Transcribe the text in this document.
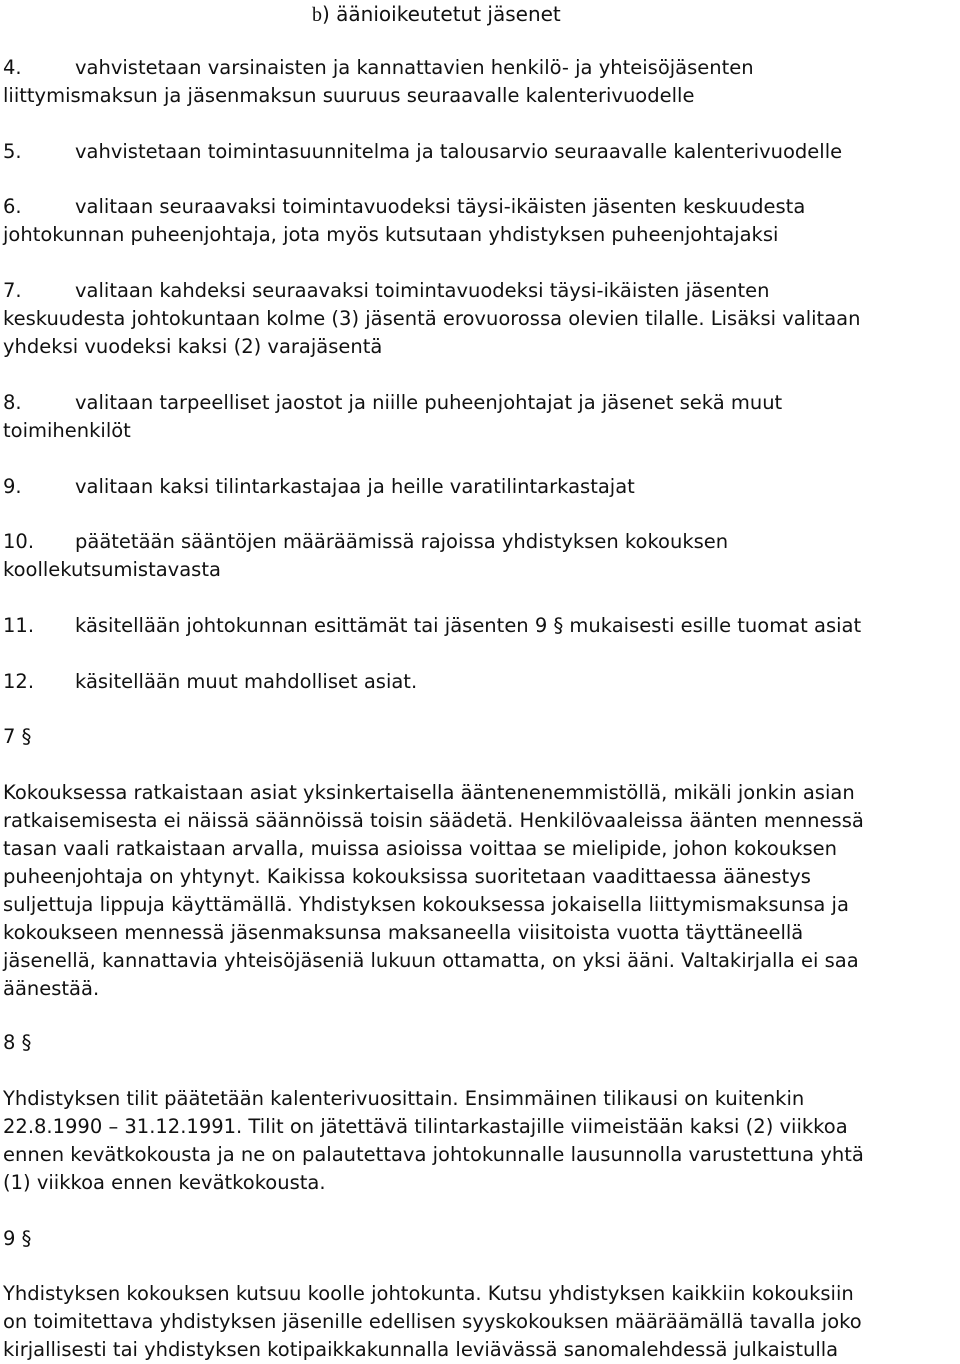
b) äänioikeutetut jäsenet
4.	vahvistetaan varsinaisten ja kannattavien henkilö- ja yhteisöjäsenten
liittymismaksun ja jäsenmaksun suuruus seuraavalle kalenterivuodelle
5.	vahvistetaan toimintasuunnitelma ja talousarvio seuraavalle kalenterivuodelle
6.	valitaan seuraavaksi toimintavuodeksi täysi-ikäisten jäsenten keskuudesta
johtokunnan puheenjohtaja, jota myös kutsutaan yhdistyksen puheenjohtajaksi
7.	valitaan kahdeksi seuraavaksi toimintavuodeksi täysi-ikäisten jäsenten
keskuudesta johtokuntaan kolme (3) jäsentä erovuorossa olevien tilalle. Lisäksi valitaan
yhdeksi vuodeksi kaksi (2) varajäsentä
8.	valitaan tarpeelliset jaostot ja niille puheenjohtajat ja jäsenet sekä muut
toimihenkilöt
9.	valitaan kaksi tilintarkastajaa ja heille varatilintarkastajat
10. päätetään sääntöjen määräämissä rajoissa yhdistyksen kokouksen
koollekutsumistavasta
11. käsitellään johtokunnan esittämät tai jäsenten 9 § mukaisesti esille tuomat asiat
12. käsitellään muut mahdolliset asiat.
7 §
Kokouksessa ratkaistaan asiat yksinkertaisella ääntenenemmistöllä, mikäli jonkin asian
ratkaisemisesta ei näissä säännöissä toisin säädetä. Henkilövaaleissa äänten mennessä
tasan vaali ratkaistaan arvalla, muissa asioissa voittaa se mielipide, johon kokouksen
puheenjohtaja on yhtynyt. Kaikissa kokouksissa suoritetaan vaadittaessa äänestys
suljettuja lippuja käyttämällä. Yhdistyksen kokouksessa jokaisella liittymismaksunsa ja
kokoukseen mennessä jäsenmaksunsa maksaneella viisitoista vuotta täyttäneellä
jäsenellä, kannattavia yhteisöjäseniä lukuun ottamatta, on yksi ääni. Valtakirjalla ei saa
äänestää.
8 §
Yhdistyksen tilit päätetään kalenterivuosittain. Ensimmäinen tilikausi on kuitenkin
22.8.1990 – 31.12.1991. Tilit on jätettävä tilintarkastajille viimeistään kaksi (2) viikkoa
ennen kevätkokousta ja ne on palautettava johtokunnalle lausunnolla varustettuna yhtä
(1) viikkoa ennen kevätkokousta.
9 §
Yhdistyksen kokouksen kutsuu koolle johtokunta. Kutsu yhdistyksen kaikkiin kokouksiin
on toimitettava yhdistyksen jäsenille edellisen syyskokouksen määräämällä tavalla joko
kirjallisesti tai yhdistyksen kotipaikkakunnalla leviävässä sanomalehdessä julkaistulla
